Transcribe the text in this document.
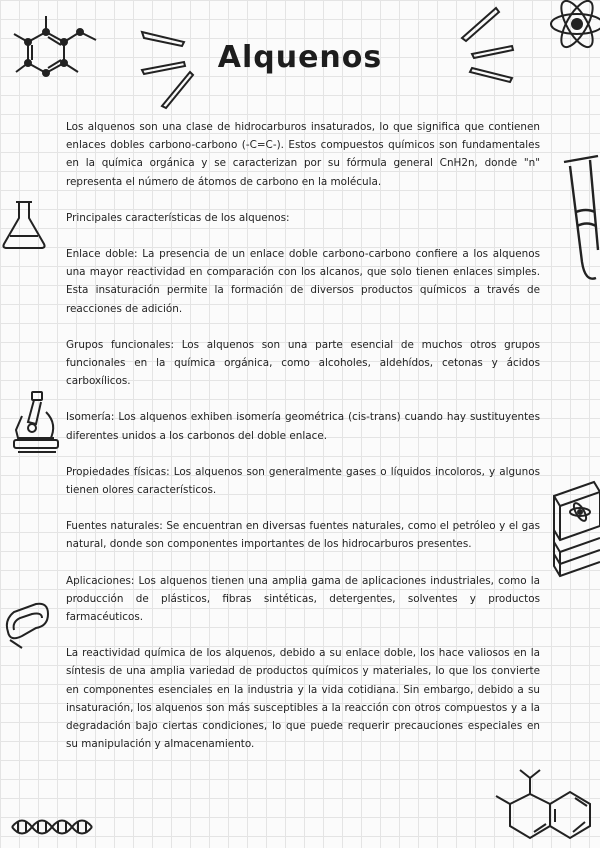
Alquenos

Los alquenos son una clase de hidrocarburos insaturados, lo que significa que contienen enlaces dobles carbono-carbono (-C=C-). Estos compuestos químicos son fundamentales en la química orgánica y se caracterizan por su fórmula general CnH2n, donde "n" representa el número de átomos de carbono en la molécula.

Principales características de los alquenos:

Enlace doble: La presencia de un enlace doble carbono-carbono confiere a los alquenos una mayor reactividad en comparación con los alcanos, que solo tienen enlaces simples. Esta insaturación permite la formación de diversos productos químicos a través de reacciones de adición.

Grupos funcionales: Los alquenos son una parte esencial de muchos otros grupos funcionales en la química orgánica, como alcoholes, aldehídos, cetonas y ácidos carboxílicos.

Isomería: Los alquenos exhiben isomería geométrica (cis-trans) cuando hay sustituyentes diferentes unidos a los carbonos del doble enlace.

Propiedades físicas: Los alquenos son generalmente gases o líquidos incoloros, y algunos tienen olores característicos.

Fuentes naturales: Se encuentran en diversas fuentes naturales, como el petróleo y el gas natural, donde son componentes importantes de los hidrocarburos presentes.

Aplicaciones: Los alquenos tienen una amplia gama de aplicaciones industriales, como la producción de plásticos, fibras sintéticas, detergentes, solventes y productos farmacéuticos.

La reactividad química de los alquenos, debido a su enlace doble, los hace valiosos en la síntesis de una amplia variedad de productos químicos y materiales, lo que los convierte en componentes esenciales en la industria y la vida cotidiana. Sin embargo, debido a su insaturación, los alquenos son más susceptibles a la reacción con otros compuestos y a la degradación bajo ciertas condiciones, lo que puede requerir precauciones especiales en su manipulación y almacenamiento.
